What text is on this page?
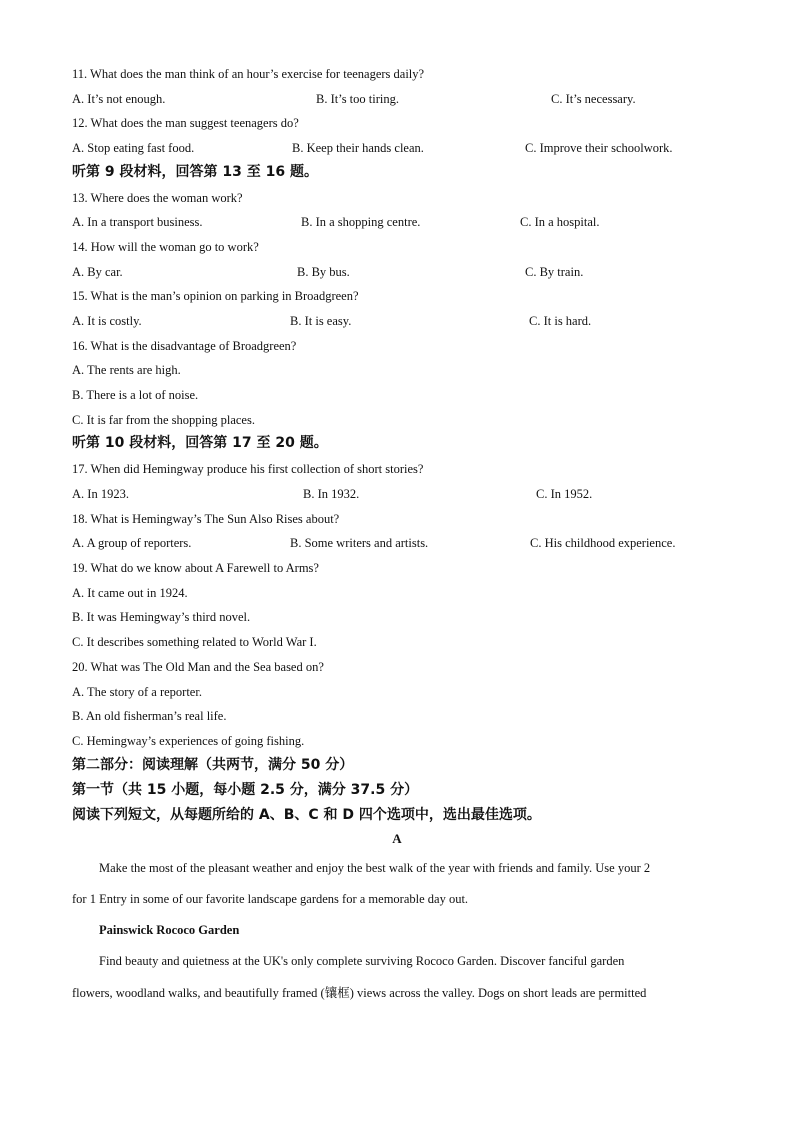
11. What does the man think of an hour’s exercise for teenagers daily?
A. It’s not enough.	B. It’s too tiring.	C. It’s necessary.
12. What does the man suggest teenagers do?
A. Stop eating fast food.	B. Keep their hands clean.	C. Improve their schoolwork.
听第 9 段材料，回答第 13 至 16 题。
13. Where does the woman work?
A. In a transport business.	B. In a shopping centre.	C. In a hospital.
14. How will the woman go to work?
A. By car.	B. By bus.	C. By train.
15. What is the man’s opinion on parking in Broadgreen?
A. It is costly.	B. It is easy.	C. It is hard.
16. What is the disadvantage of Broadgreen?
A. The rents are high.
B. There is a lot of noise.
C. It is far from the shopping places.
听第 10 段材料，回答第 17 至 20 题。
17. When did Hemingway produce his first collection of short stories?
A. In 1923.	B. In 1932.	C. In 1952.
18. What is Hemingway’s The Sun Also Rises about?
A. A group of reporters.	B. Some writers and artists.	C. His childhood experience.
19. What do we know about A Farewell to Arms?
A. It came out in 1924.
B. It was Hemingway’s third novel.
C. It describes something related to World War I.
20. What was The Old Man and the Sea based on?
A. The story of a reporter.
B. An old fisherman’s real life.
C. Hemingway’s experiences of going fishing.
第二部分：阅读理解（共两节，满分 50 分）
第一节（共 15 小题，每小题 2.5 分，满分 37.5 分）
阅读下列短文，从每题所给的 A、B、C 和 D 四个选项中，选出最佳选项。
A
Make the most of the pleasant weather and enjoy the best walk of the year with friends and family. Use your 2
for 1 Entry in some of our favorite landscape gardens for a memorable day out.
Painswick Rococo Garden
Find beauty and quietness at the UK's only complete surviving Rococo Garden. Discover fanciful garden
flowers, woodland walks, and beautifully framed (镶框) views across the valley. Dogs on short leads are permitted
